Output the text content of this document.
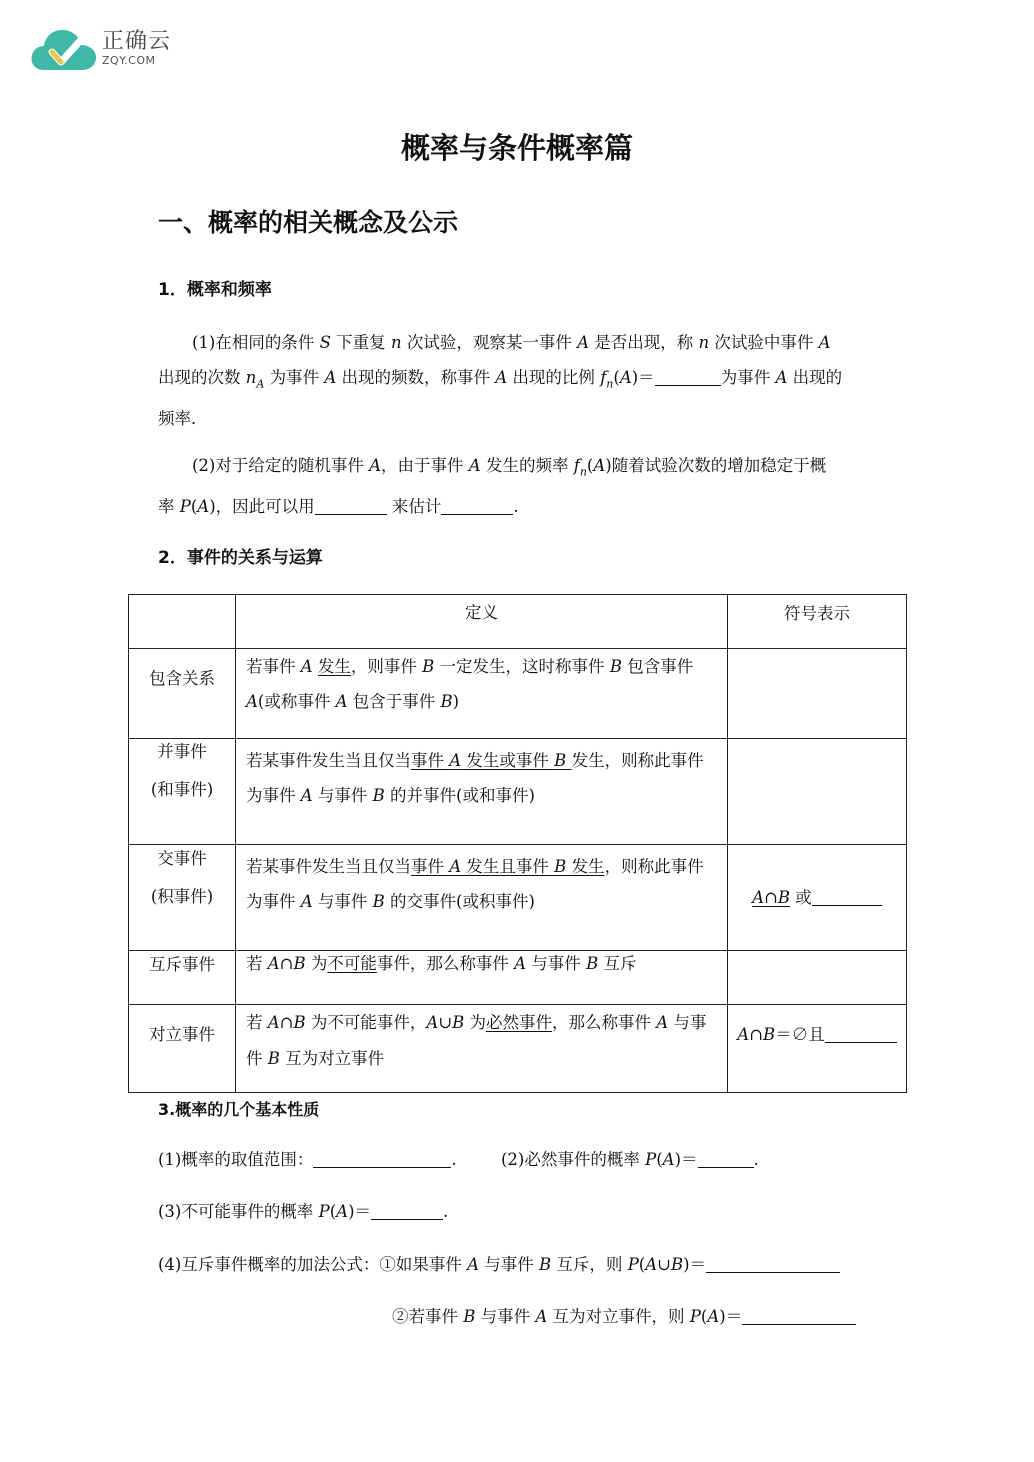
正确云
ZQY.COM
概率与条件概率篇
一、概率的相关概念及公示
1．概率和频率
(1)在相同的条件 S 下重复 n 次试验，观察某一事件 A 是否出现，称 n 次试验中事件 A
出现的次数 $n_A$ 为事件 A 出现的频数，称事件 A 出现的比例 $f_n(A)=$	为事件 A 出现的
频率．
(2)对于给定的随机事件 A，由于事件 A 发生的频率 $f_n(A)$随着试验次数的增加稳定于概
率 P(A)，因此可以用	来估计	.
2．事件的关系与运算
	定义	符号表示
包含关系	若事件 A 发生，则事件 B 一定发生，这时称事件 B 包含事件 A(或称事件 A 包含于事件 B)	

并事件
(和事件)	若某事件发生当且仅当事件 A 发生或事件 B 发生，则称此事件为事件 A 与事件 B 的并事件(或和事件)	

交事件
(积事件)	若某事件发生当且仅当事件 A 发生且事件 B 发生，则称此事件为事件 A 与事件 B 的交事件(或积事件)	A∩B 或
互斥事件	若 A∩B 为不可能事件，那么称事件 A 与事件 B 互斥	
对立事件	若 A∩B 为不可能事件，A∪B 为必然事件，那么称事件 A 与事件 B 互为对立事件	A∩B＝∅且
3.概率的几个基本性质
(1)概率的取值范围：	.	(2)必然事件的概率 P(A)＝	.
(3)不可能事件的概率 P(A)＝	.
(4)互斥事件概率的加法公式：①如果事件 A 与事件 B 互斥，则 P(A∪B)＝
②若事件 B 与事件 A 互为对立事件，则 P(A)＝
